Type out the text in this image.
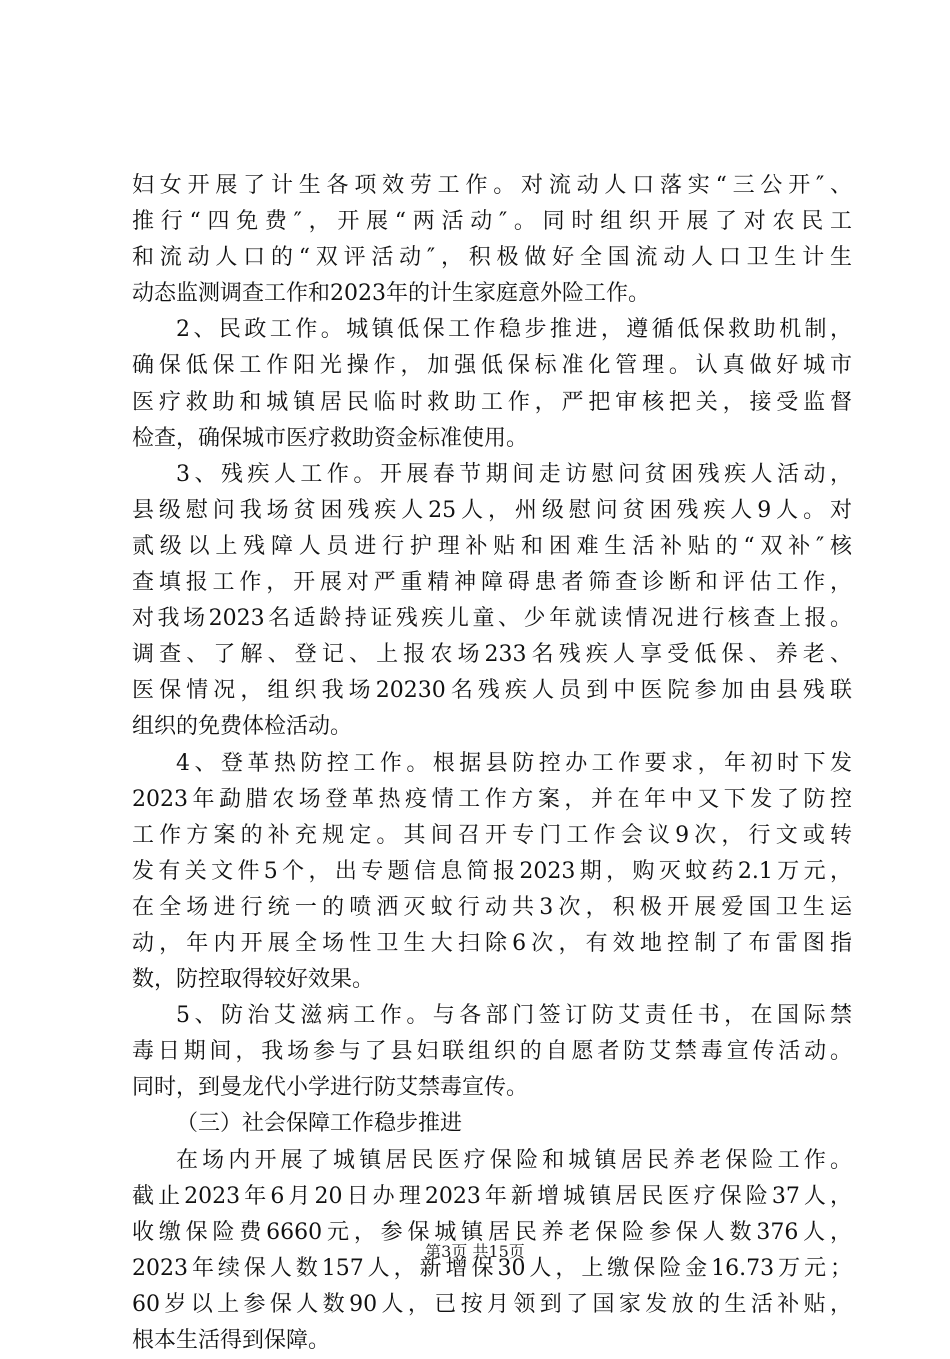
妇女开展了计生各项效劳工作。对流动人口落实“三公开″、
推行“四免费″，开展“两活动″。同时组织开展了对农民工
和流动人口的“双评活动″，积极做好全国流动人口卫生计生
动态监测调查工作和2023年的计生家庭意外险工作。
2、民政工作。城镇低保工作稳步推进，遵循低保救助机制，
确保低保工作阳光操作，加强低保标准化管理。认真做好城市
医疗救助和城镇居民临时救助工作，严把审核把关，接受监督
检查，确保城市医疗救助资金标准使用。
3、残疾人工作。开展春节期间走访慰问贫困残疾人活动，
县级慰问我场贫困残疾人25人，州级慰问贫困残疾人9人。对
贰级以上残障人员进行护理补贴和困难生活补贴的“双补″核
查填报工作，开展对严重精神障碍患者筛查诊断和评估工作，
对我场2023名适龄持证残疾儿童、少年就读情况进行核查上报。
调查、了解、登记、上报农场233名残疾人享受低保、养老、
医保情况，组织我场20230名残疾人员到中医院参加由县残联
组织的免费体检活动。
4、登革热防控工作。根据县防控办工作要求，年初时下发
2023年勐腊农场登革热疫情工作方案，并在年中又下发了防控
工作方案的补充规定。其间召开专门工作会议9次，行文或转
发有关文件5个，出专题信息简报2023期，购灭蚊药2.1万元，
在全场进行统一的喷洒灭蚊行动共3次，积极开展爱国卫生运
动，年内开展全场性卫生大扫除6次，有效地控制了布雷图指
数，防控取得较好效果。
5、防治艾滋病工作。与各部门签订防艾责任书，在国际禁
毒日期间，我场参与了县妇联组织的自愿者防艾禁毒宣传活动。
同时，到曼龙代小学进行防艾禁毒宣传。
（三）社会保障工作稳步推进
在场内开展了城镇居民医疗保险和城镇居民养老保险工作。
截止2023年6月20日办理2023年新增城镇居民医疗保险37人，
收缴保险费6660元，参保城镇居民养老保险参保人数376人，
2023年续保人数157人，新增保30人，上缴保险金16.73万元；
60岁以上参保人数90人，已按月领到了国家发放的生活补贴，
根本生活得到保障。
第3页 共15页
